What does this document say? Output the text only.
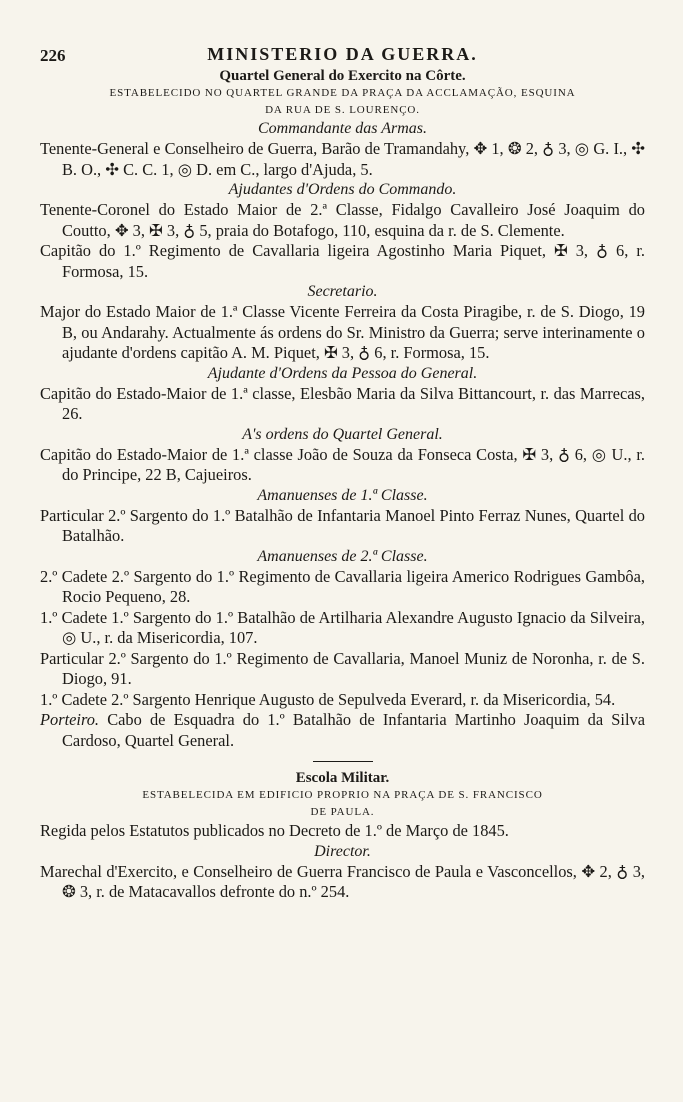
226	MINISTERIO DA GUERRA.
Quartel General do Exercito na Côrte.
ESTABELECIDO NO QUARTEL GRANDE DA PRAÇA DA ACCLAMAÇÃO, ESQUINA
DA RUA DE S. LOURENÇO.
Commandante das Armas.
Tenente-General e Conselheiro de Guerra, Barão de Tramandahy, ✥ 1, ❂ 2, ♁ 3, ◎ G. I., ✣ B. O., ✣ C. C. 1, ◎ D. em C., largo d'Ajuda, 5.
Ajudantes d'Ordens do Commando.
Tenente-Coronel do Estado Maior de 2.ª Classe, Fidalgo Cavalleiro José Joaquim do Coutto, ✥ 3, ✠ 3, ♁ 5, praia do Botafogo, 110, esquina da r. de S. Clemente.
Capitão do 1.º Regimento de Cavallaria ligeira Agostinho Maria Piquet, ✠ 3, ♁ 6, r. Formosa, 15.
Secretario.
Major do Estado Maior de 1.ª Classe Vicente Ferreira da Costa Piragibe, r. de S. Diogo, 19 B, ou Andarahy. Actualmente ás ordens do Sr. Ministro da Guerra; serve interinamente o ajudante d'ordens capitão A. M. Piquet, ✠ 3, ♁ 6, r. Formosa, 15.
Ajudante d'Ordens da Pessoa do General.
Capitão do Estado-Maior de 1.ª classe, Elesbão Maria da Silva Bittancourt, r. das Marrecas, 26.
A's ordens do Quartel General.
Capitão do Estado-Maior de 1.ª classe João de Souza da Fonseca Costa, ✠ 3, ♁ 6, ◎ U., r. do Principe, 22 B, Cajueiros.
Amanuenses de 1.ª Classe.
Particular 2.º Sargento do 1.º Batalhão de Infantaria Manoel Pinto Ferraz Nunes, Quartel do Batalhão.
Amanuenses de 2.ª Classe.
2.º Cadete 2.º Sargento do 1.º Regimento de Cavallaria ligeira Americo Rodrigues Gambôa, Rocio Pequeno, 28.
1.º Cadete 1.º Sargento do 1.º Batalhão de Artilharia Alexandre Augusto Ignacio da Silveira, ◎ U., r. da Misericordia, 107.
Particular 2.º Sargento do 1.º Regimento de Cavallaria, Manoel Muniz de Noronha, r. de S. Diogo, 91.
1.º Cadete 2.º Sargento Henrique Augusto de Sepulveda Everard, r. da Misericordia, 54.
Porteiro. Cabo de Esquadra do 1.º Batalhão de Infantaria Martinho Joaquim da Silva Cardoso, Quartel General.
Escola Militar.
ESTABELECIDA EM EDIFICIO PROPRIO NA PRAÇA DE S. FRANCISCO
DE PAULA.
Regida pelos Estatutos publicados no Decreto de 1.º de Março de 1845.
Director.
Marechal d'Exercito, e Conselheiro de Guerra Francisco de Paula e Vasconcellos, ✥ 2, ♁ 3, ❂ 3, r. de Matacavallos defronte do n.º 254.
